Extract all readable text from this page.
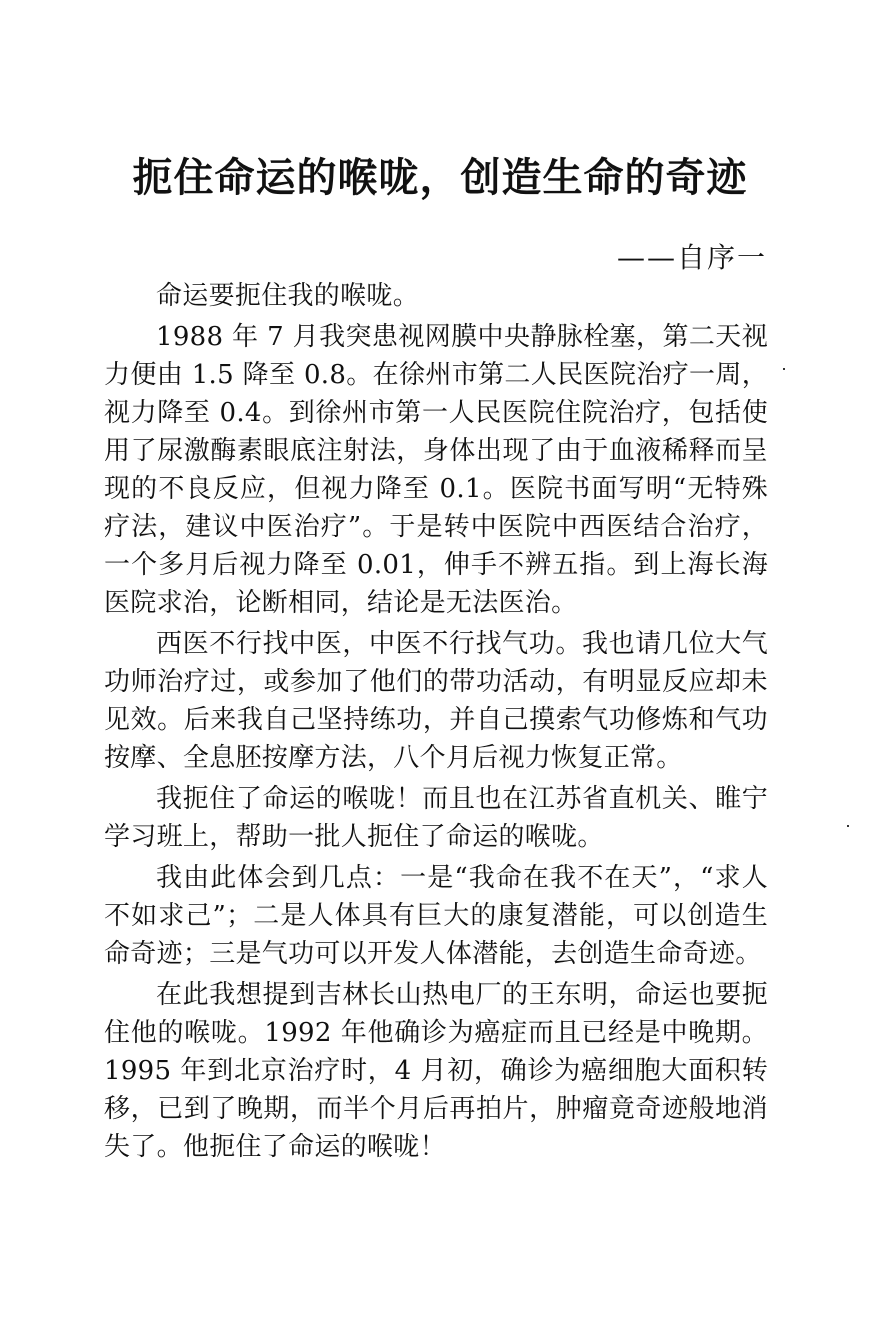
扼住命运的喉咙，创造生命的奇迹
——自序一

命运要扼住我的喉咙。

1988 年 7 月我突患视网膜中央静脉栓塞，第二天视力便由 1.5 降至 0.8。在徐州市第二人民医院治疗一周，视力降至 0.4。到徐州市第一人民医院住院治疗，包括使用了尿激酶素眼底注射法，身体出现了由于血液稀释而呈现的不良反应，但视力降至 0.1。医院书面写明“无特殊疗法，建议中医治疗”。于是转中医院中西医结合治疗，一个多月后视力降至 0.01，伸手不辨五指。到上海长海医院求治，论断相同，结论是无法医治。

西医不行找中医，中医不行找气功。我也请几位大气功师治疗过，或参加了他们的带功活动，有明显反应却未见效。后来我自己坚持练功，并自己摸索气功修炼和气功按摩、全息胚按摩方法，八个月后视力恢复正常。

我扼住了命运的喉咙！而且也在江苏省直机关、睢宁学习班上，帮助一批人扼住了命运的喉咙。

我由此体会到几点：一是“我命在我不在天”，“求人不如求己”；二是人体具有巨大的康复潜能，可以创造生命奇迹；三是气功可以开发人体潜能，去创造生命奇迹。

在此我想提到吉林长山热电厂的王东明，命运也要扼住他的喉咙。1992 年他确诊为癌症而且已经是中晚期。1995 年到北京治疗时，4 月初，确诊为癌细胞大面积转移，已到了晚期，而半个月后再拍片，肿瘤竟奇迹般地消失了。他扼住了命运的喉咙！
